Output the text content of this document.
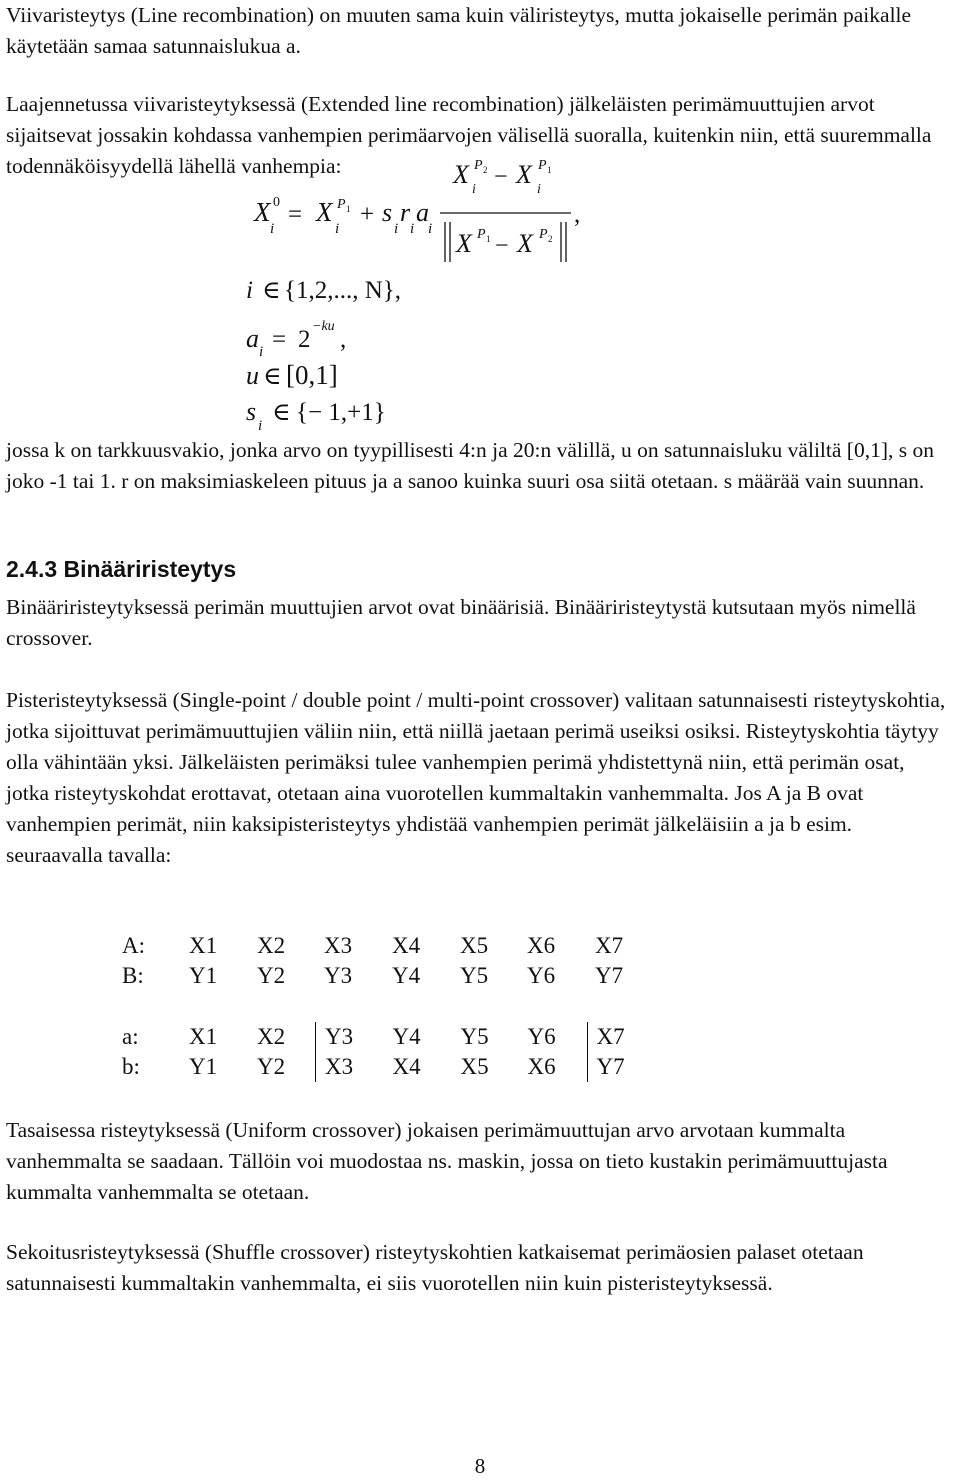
Viivaristeytys (Line recombination) on muuten sama kuin väliristeytys, mutta jokaiselle perimän paikalle käytetään samaa satunnaislukua a.

Laajennetussa viivaristeytyksessä (Extended line recombination) jälkeläisten perimämuuttujien arvot sijaitsevat jossakin kohdassa vanhempien perimäarvojen välisellä suoralla, kuitenkin niin, että suuremmalla todennäköisyydellä lähellä vanhempia:

X 0
i
= X P 1
i
+ s
i
r
i
a
i
X P 2
i − X P 1
i
X P 1 − X P 2
,
i ∈ {1,2,..., N},
a i = 2 −ku ,
u ∈ [0,1]
s i ∈ {− 1,+1}

jossa k on tarkkuusvakio, jonka arvo on tyypillisesti 4:n ja 20:n välillä, u on satunnaisluku väliltä [0,1], s on joko -1 tai 1. r on maksimiaskeleen pituus ja a sanoo kuinka suuri osa siitä otetaan. s määrää vain suunnan.

2.4.3 Binääriristeytys

Binääriristeytyksessä perimän muuttujien arvot ovat binäärisiä. Binääriristeytystä kutsutaan myös nimellä crossover.

Pisteristeytyksessä (Single-point / double point / multi-point crossover) valitaan satunnaisesti risteytyskohtia, jotka sijoittuvat perimämuuttujien väliin niin, että niillä jaetaan perimä useiksi osiksi. Risteytyskohtia täytyy olla vähintään yksi. Jälkeläisten perimäksi tulee vanhempien perimä yhdistettynä niin, että perimän osat, jotka risteytyskohdat erottavat, otetaan aina vuorotellen kummaltakin vanhemmalta. Jos A ja B ovat vanhempien perimät, niin kaksipisteristeytys yhdistää vanhempien perimät jälkeläisiin a ja b esim. seuraavalla tavalla:

A:	X1	X2	X3	X4	X5	X6	X7
B:	Y1	Y2	Y3	Y4	Y5	Y6	Y7
a:	X1	X2	Y3	Y4	Y5	Y6	X7
b:	Y1	Y2	X3	X4	X5	X6	Y7

Tasaisessa risteytyksessä (Uniform crossover) jokaisen perimämuuttujan arvo arvotaan kummalta vanhemmalta se saadaan. Tällöin voi muodostaa ns. maskin, jossa on tieto kustakin perimämuuttujasta kummalta vanhemmalta se otetaan.

Sekoitusristeytyksessä (Shuffle crossover) risteytyskohtien katkaisemat perimäosien palaset otetaan satunnaisesti kummaltakin vanhemmalta, ei siis vuorotellen niin kuin pisteristeytyksessä.

8
